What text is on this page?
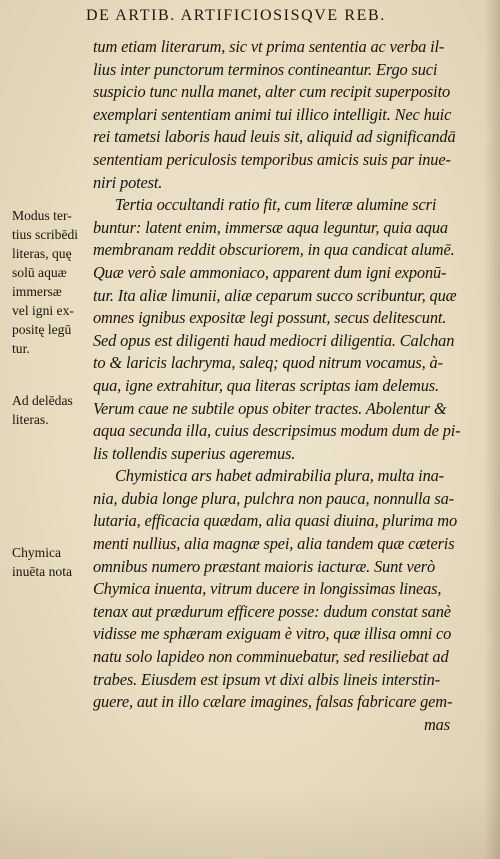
DE ARTIB. ARTIFICIOSISQVE REB.
Modus ter-
tius scribēdi
literas, quę
solū aquæ
immersæ
vel igni ex-
positę legū
tur.
Ad delēdas
literas.
Chymica
inuēta nota
tum etiam literarum, sic vt prima sententia ac verba il-
lius inter punctorum terminos contineantur. Ergo suci
suspicio tunc nulla manet, alter cum recipit superposito
exemplari sententiam animi tui illico intelligit. Nec huic
rei tametsi laboris haud leuis sit, aliquid ad significandā
sententiam periculosis temporibus amicis suis par inue-
niri potest.
Tertia occultandi ratio fit, cum literæ alumine scri
buntur: latent enim, immersæ aqua leguntur, quia aqua
membranam reddit obscuriorem, in qua candicat alumē.
Quæ verò sale ammoniaco, apparent dum igni exponū-
tur. Ita aliæ limunii, aliæ ceparum succo scribuntur, quæ
omnes ignibus expositæ legi possunt, secus delitescunt.
Sed opus est diligenti haud mediocri diligentia. Calchan
to & laricis lachryma, saleq; quod nitrum vocamus, à-
qua, igne extrahitur, qua literas scriptas iam delemus.
Verum caue ne subtile opus obiter tractes. Abolentur &
aqua secunda illa, cuius descripsimus modum dum de pi-
lis tollendis superius ageremus.
Chymistica ars habet admirabilia plura, multa ina-
nia, dubia longe plura, pulchra non pauca, nonnulla sa-
lutaria, efficacia quædam, alia quasi diuina, plurima mo
menti nullius, alia magnæ spei, alia tandem quæ cæteris
omnibus numero præstant maioris iacturæ. Sunt verò
Chymica inuenta, vitrum ducere in longissimas lineas,
tenax aut prædurum efficere posse: dudum constat sanè
vidisse me sphæram exiguam è vitro, quæ illisa omni co
natu solo lapideo non comminuebatur, sed resiliebat ad
trabes. Eiusdem est ipsum vt dixi albis lineis interstin-
guere, aut in illo cælare imagines, falsas fabricare gem-
mas
